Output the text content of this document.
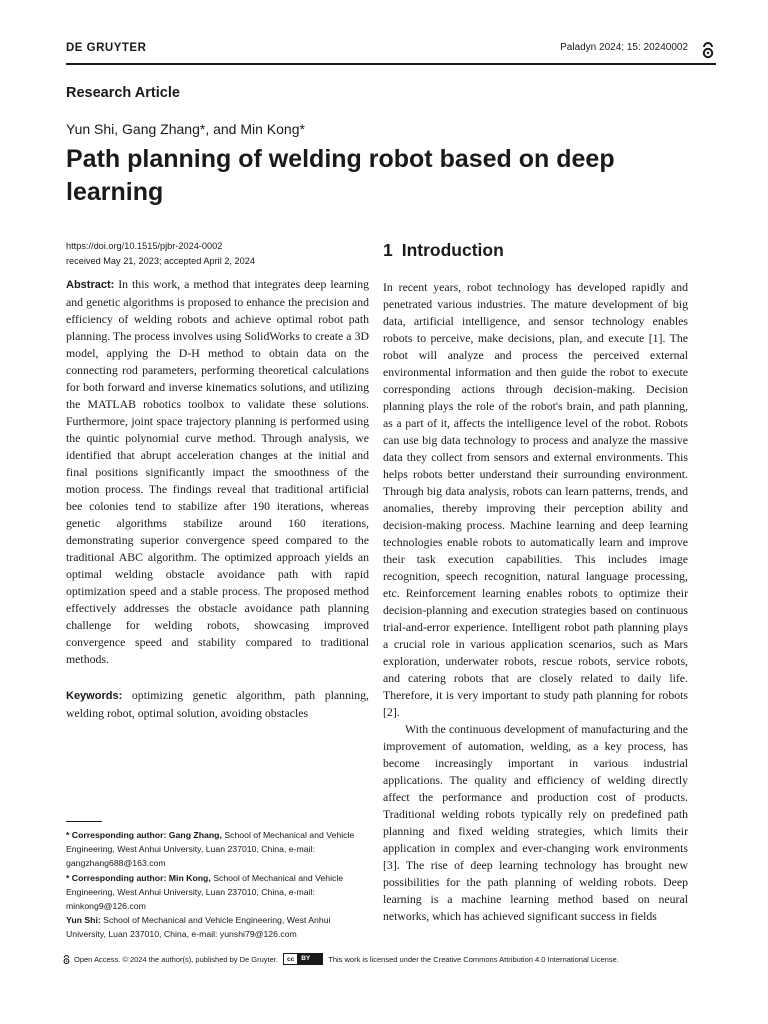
DE GRUYTER	Paladyn 2024; 15: 20240002
Research Article
Yun Shi, Gang Zhang*, and Min Kong*
Path planning of welding robot based on deep learning
https://doi.org/10.1515/pjbr-2024-0002
received May 21, 2023; accepted April 2, 2024

Abstract: In this work, a method that integrates deep learning and genetic algorithms is proposed to enhance the precision and efficiency of welding robots and achieve optimal robot path planning. The process involves using SolidWorks to create a 3D model, applying the D-H method to obtain data on the connecting rod parameters, performing theoretical calculations for both forward and inverse kinematics solutions, and utilizing the MATLAB robotics toolbox to validate these solutions. Furthermore, joint space trajectory planning is performed using the quintic polynomial curve method. Through analysis, we identified that abrupt acceleration changes at the initial and final positions significantly impact the smoothness of the motion process. The findings reveal that traditional artificial bee colonies tend to stabilize after 190 iterations, whereas genetic algorithms stabilize around 160 iterations, demonstrating superior convergence speed compared to the traditional ABC algorithm. The optimized approach yields an optimal welding obstacle avoidance path with rapid optimization speed and a stable process. The proposed method effectively addresses the obstacle avoidance path planning challenge for welding robots, showcasing improved convergence speed and stability compared to traditional methods.

Keywords: optimizing genetic algorithm, path planning, welding robot, optimal solution, avoiding obstacles

* Corresponding author: Gang Zhang, School of Mechanical and Vehicle Engineering, West Anhui University, Luan 237010, China, e-mail: gangzhang688@163.com

* Corresponding author: Min Kong, School of Mechanical and Vehicle Engineering, West Anhui University, Luan 237010, China, e-mail: minkong9@126.com

Yun Shi: School of Mechanical and Vehicle Engineering, West Anhui University, Luan 237010, China, e-mail: yunshi79@126.com

1 Introduction

In recent years, robot technology has developed rapidly and penetrated various industries. The mature development of big data, artificial intelligence, and sensor technology enables robots to perceive, make decisions, plan, and execute [1]. The robot will analyze and process the perceived external environmental information and then guide the robot to execute corresponding actions through decision-making. Decision planning plays the role of the robot's brain, and path planning, as a part of it, affects the intelligence level of the robot. Robots can use big data technology to process and analyze the massive data they collect from sensors and external environments. This helps robots better understand their surrounding environment. Through big data analysis, robots can learn patterns, trends, and anomalies, thereby improving their perception ability and decision-making process. Machine learning and deep learning technologies enable robots to automatically learn and improve their task execution capabilities. This includes image recognition, speech recognition, natural language processing, etc. Reinforcement learning enables robots to optimize their decision-planning and execution strategies based on continuous trial-and-error experience. Intelligent robot path planning plays a crucial role in various application scenarios, such as Mars exploration, underwater robots, rescue robots, service robots, and catering robots that are closely related to daily life. Therefore, it is very important to study path planning for robots [2].

With the continuous development of manufacturing and the improvement of automation, welding, as a key process, has become increasingly important in various industrial applications. The quality and efficiency of welding directly affect the performance and production cost of products. Traditional welding robots typically rely on predefined path planning and fixed welding strategies, which limits their application in complex and ever-changing work environments [3]. The rise of deep learning technology has brought new possibilities for the path planning of welding robots. Deep learning is a machine learning method based on neural networks, which has achieved significant success in fields

Open Access. © 2024 the author(s), published by De Gruyter.	cc	BY	This work is licensed under the Creative Commons Attribution 4.0 International License.
